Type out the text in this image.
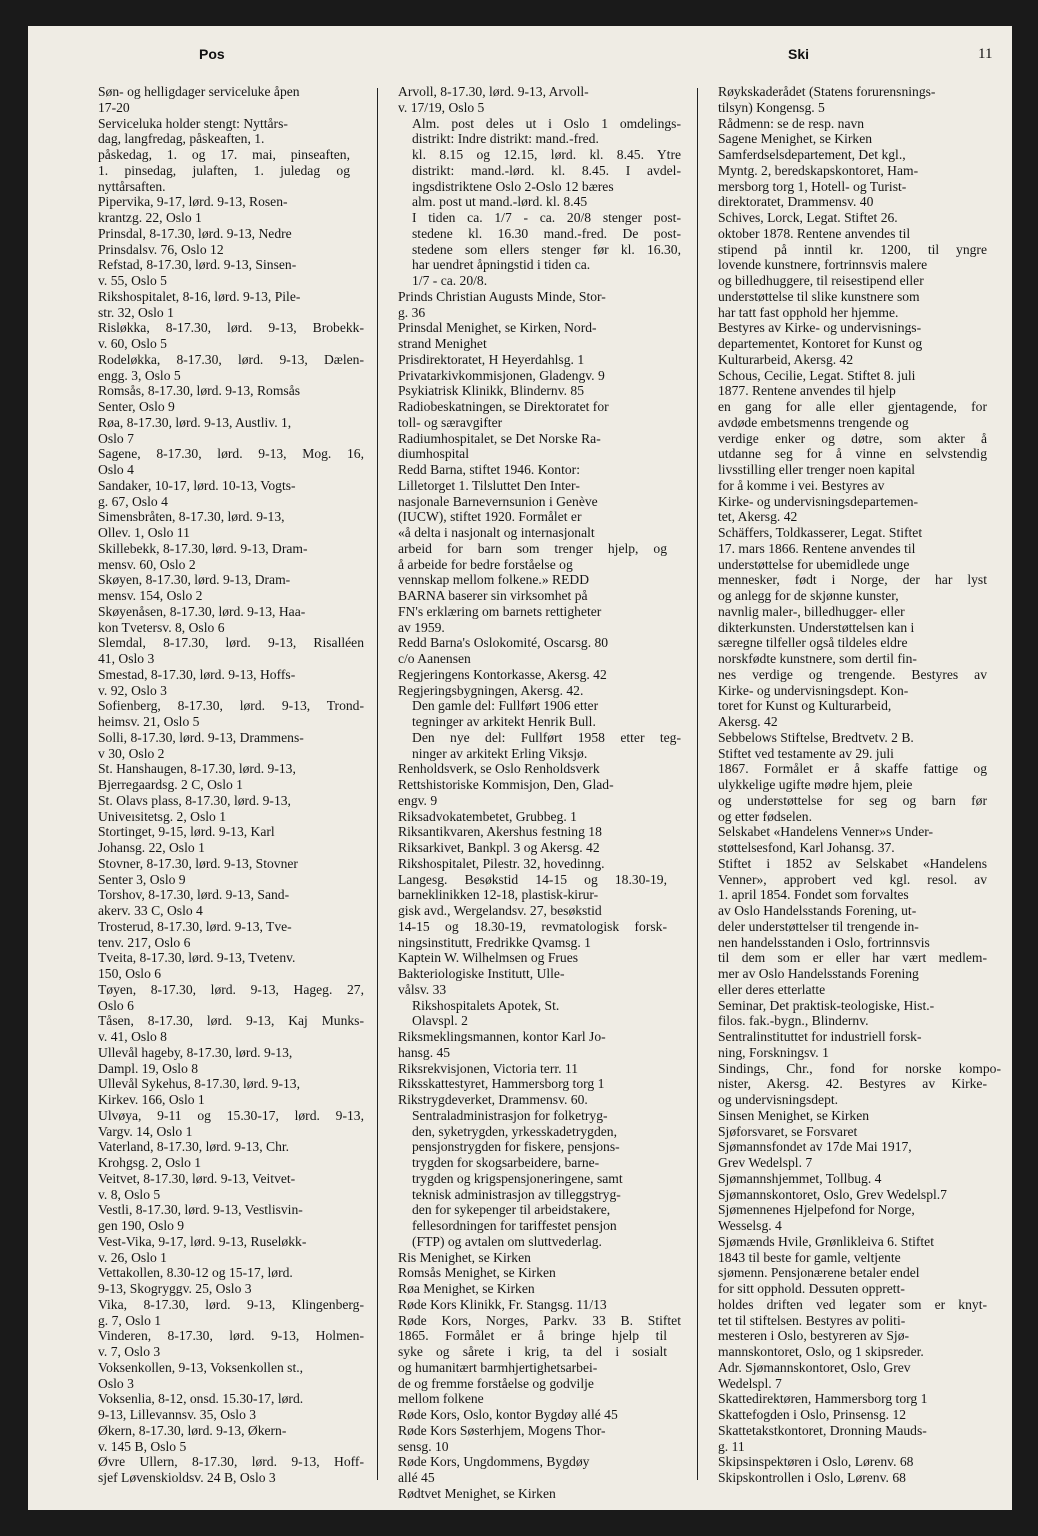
Pos	Ski	11
Søn- og helligdager serviceluke åpen
17-20
Serviceluka holder stengt: Nyttårs-
dag, langfredag, påskeaften, 1.
påskedag, 1. og 17. mai, pinseaften,
1. pinsedag, julaften, 1. juledag og
nyttårsaften.
Pipervika, 9-17, lørd. 9-13, Rosen-
krantzg. 22, Oslo 1
Prinsdal, 8-17.30, lørd. 9-13, Nedre
Prinsdalsv. 76, Oslo 12
Refstad, 8-17.30, lørd. 9-13, Sinsen-
v. 55, Oslo 5
Rikshospitalet, 8-16, lørd. 9-13, Pile-
str. 32, Oslo 1
Risløkka, 8-17.30, lørd. 9-13, Brobekk-
v. 60, Oslo 5
Rodeløkka, 8-17.30, lørd. 9-13, Dælen-
engg. 3, Oslo 5
Romsås, 8-17.30, lørd. 9-13, Romsås
Senter, Oslo 9
Røa, 8-17.30, lørd. 9-13, Austliv. 1,
Oslo 7
Sagene, 8-17.30, lørd. 9-13, Mog. 16,
Oslo 4
Sandaker, 10-17, lørd. 10-13, Vogts-
g. 67, Oslo 4
Simensbråten, 8-17.30, lørd. 9-13,
Ollev. 1, Oslo 11
Skillebekk, 8-17.30, lørd. 9-13, Dram-
mensv. 60, Oslo 2
Skøyen, 8-17.30, lørd. 9-13, Dram-
mensv. 154, Oslo 2
Skøyenåsen, 8-17.30, lørd. 9-13, Haa-
kon Tvetersv. 8, Oslo 6
Slemdal, 8-17.30, lørd. 9-13, Risalléen
41, Oslo 3
Smestad, 8-17.30, lørd. 9-13, Hoffs-
v. 92, Oslo 3
Sofienberg, 8-17.30, lørd. 9-13, Trond-
heimsv. 21, Oslo 5
Solli, 8-17.30, lørd. 9-13, Drammens-
v 30, Oslo 2
St. Hanshaugen, 8-17.30, lørd. 9-13,
Bjerregaardsg. 2 C, Oslo 1
St. Olavs plass, 8-17.30, lørd. 9-13,
Univeısitetsg. 2, Oslo 1
Stortinget, 9-15, lørd. 9-13, Karl
Johansg. 22, Oslo 1
Stovner, 8-17.30, lørd. 9-13, Stovner
Senter 3, Oslo 9
Torshov, 8-17.30, lørd. 9-13, Sand-
akerv. 33 C, Oslo 4
Trosterud, 8-17.30, lørd. 9-13, Tve-
tenv. 217, Oslo 6
Tveita, 8-17.30, lørd. 9-13, Tvetenv.
150, Oslo 6
Tøyen, 8-17.30, lørd. 9-13, Hageg. 27,
Oslo 6
Tåsen, 8-17.30, lørd. 9-13, Kaj Munks-
v. 41, Oslo 8
Ullevål hageby, 8-17.30, lørd. 9-13,
Dampl. 19, Oslo 8
Ullevål Sykehus, 8-17.30, lørd. 9-13,
Kirkev. 166, Oslo 1
Ulvøya, 9-11 og 15.30-17, lørd. 9-13,
Vargv. 14, Oslo 1
Vaterland, 8-17.30, lørd. 9-13, Chr.
Krohgsg. 2, Oslo 1
Veitvet, 8-17.30, lørd. 9-13, Veitvet-
v. 8, Oslo 5
Vestli, 8-17.30, lørd. 9-13, Vestlisvin-
gen 190, Oslo 9
Vest-Vika, 9-17, lørd. 9-13, Ruseløkk-
v. 26, Oslo 1
Vettakollen, 8.30-12 og 15-17, lørd.
9-13, Skogryggv. 25, Oslo 3
Vika, 8-17.30, lørd. 9-13, Klingenberg-
g. 7, Oslo 1
Vinderen, 8-17.30, lørd. 9-13, Holmen-
v. 7, Oslo 3
Voksenkollen, 9-13, Voksenkollen st.,
Oslo 3
Voksenlia, 8-12, onsd. 15.30-17, lørd.
9-13, Lillevannsv. 35, Oslo 3
Økern, 8-17.30, lørd. 9-13, Økern-
v. 145 B, Oslo 5
Øvre Ullern, 8-17.30, lørd. 9-13, Hoff-
sjef Løvenskioldsv. 24 B, Oslo 3
Arvoll, 8-17.30, lørd. 9-13, Arvoll-
v. 17/19, Oslo 5
Alm. post deles ut i Oslo 1 omdelings-
distrikt: Indre distrikt: mand.-fred.
kl. 8.15 og 12.15, lørd. kl. 8.45. Ytre
distrikt: mand.-lørd. kl. 8.45. I avdel-
ingsdistriktene Oslo 2-Oslo 12 bæres
alm. post ut mand.-lørd. kl. 8.45
I tiden ca. 1/7 - ca. 20/8 stenger post-
stedene kl. 16.30 mand.-fred. De post-
stedene som ellers stenger før kl. 16.30,
har uendret åpningstid i tiden ca.
1/7 - ca. 20/8.
Prinds Christian Augusts Minde, Stor-
g. 36
Prinsdal Menighet, se Kirken, Nord-
strand Menighet
Prisdirektoratet, H Heyerdahlsg. 1
Privatarkivkommisjonen, Gladengv. 9
Psykiatrisk Klinikk, Blindernv. 85
Radiobeskatningen, se Direktoratet for
toll- og særavgifter
Radiumhospitalet, se Det Norske Ra-
diumhospital
Redd Barna, stiftet 1946. Kontor:
Lilletorget 1. Tilsluttet Den Inter-
nasjonale Barnevernsunion i Genève
(IUCW), stiftet 1920. Formålet er
«å delta i nasjonalt og internasjonalt
arbeid for barn som trenger hjelp, og
å arbeide for bedre forståelse og
vennskap mellom folkene.» REDD
BARNA baserer sin virksomhet på
FN's erklæring om barnets rettigheter
av 1959.
Redd Barna's Oslokomité, Oscarsg. 80
c/o Aanensen
Regjeringens Kontorkasse, Akersg. 42
Regjeringsbygningen, Akersg. 42.
Den gamle del: Fullført 1906 etter
tegninger av arkitekt Henrik Bull.
Den nye del: Fullført 1958 etter teg-
ninger av arkitekt Erling Viksjø.
Renholdsverk, se Oslo Renholdsverk
Rettshistoriske Kommisjon, Den, Glad-
engv. 9
Riksadvokatembetet, Grubbeg. 1
Riksantikvaren, Akershus festning 18
Riksarkivet, Bankpl. 3 og Akersg. 42
Rikshospitalet, Pilestr. 32, hovedinng.
Langesg. Besøkstid 14-15 og 18.30-19,
barneklinikken 12-18, plastisk-kirur-
gisk avd., Wergelandsv. 27, besøkstid
14-15 og 18.30-19, revmatologisk forsk-
ningsinstitutt, Fredrikke Qvamsg. 1
Kaptein W. Wilhelmsen og Frues
Bakteriologiske Institutt, Ulle-
vålsv. 33
Rikshospitalets Apotek, St.
Olavspl. 2
Riksmeklingsmannen, kontor Karl Jo-
hansg. 45
Riksrekvisjonen, Victoria terr. 11
Riksskattestyret, Hammersborg torg 1
Rikstrygdeverket, Drammensv. 60.
Sentraladministrasjon for folketryg-
den, syketrygden, yrkesskadetrygden,
pensjonstrygden for fiskere, pensjons-
trygden for skogsarbeidere, barne-
trygden og krigspensjoneringene, samt
teknisk administrasjon av tilleggstryg-
den for sykepenger til arbeidstakere,
fellesordningen for tariffestet pensjon
(FTP) og avtalen om sluttvederlag.
Ris Menighet, se Kirken
Romsås Menighet, se Kirken
Røa Menighet, se Kirken
Røde Kors Klinikk, Fr. Stangsg. 11/13
Røde Kors, Norges, Parkv. 33 B. Stiftet
1865. Formålet er å bringe hjelp til
syke og sårete i krig, ta del i sosialt
og humanitært barmhjertighetsarbei-
de og fremme forståelse og godvilje
mellom folkene
Røde Kors, Oslo, kontor Bygdøy allé 45
Røde Kors Søsterhjem, Mogens Thor-
sensg. 10
Røde Kors, Ungdommens, Bygdøy
allé 45
Rødtvet Menighet, se Kirken
Røykskaderådet (Statens forurensnings-
tilsyn) Kongensg. 5
Rådmenn: se de resp. navn
Sagene Menighet, se Kirken
Samferdselsdepartement, Det kgl.,
Myntg. 2, beredskapskontoret, Ham-
mersborg torg 1, Hotell- og Turist-
direktoratet, Drammensv. 40
Schives, Lorck, Legat. Stiftet 26.
oktober 1878. Rentene anvendes til
stipend på inntil kr. 1200, til yngre
lovende kunstnere, fortrinnsvis malere
og billedhuggere, til reisestipend eller
understøttelse til slike kunstnere som
har tatt fast opphold her hjemme.
Bestyres av Kirke- og undervisnings-
departementet, Kontoret for Kunst og
Kulturarbeid, Akersg. 42
Schous, Cecilie, Legat. Stiftet 8. juli
1877. Rentene anvendes til hjelp
en gang for alle eller gjentagende, for
avdøde embetsmenns trengende og
verdige enker og døtre, som akter å
utdanne seg for å vinne en selvstendig
livsstilling eller trenger noen kapital
for å komme i vei. Bestyres av
Kirke- og undervisningsdepartemen-
tet, Akersg. 42
Schäffers, Toldkasserer, Legat. Stiftet
17. mars 1866. Rentene anvendes til
understøttelse for ubemidlede unge
mennesker, født i Norge, der har lyst
og anlegg for de skjønne kunster,
navnlig maler-, billedhugger- eller
dikterkunsten. Understøttelsen kan i
særegne tilfeller også tildeles eldre
norskfødte kunstnere, som dertil fin-
nes verdige og trengende. Bestyres av
Kirke- og undervisningsdept. Kon-
toret for Kunst og Kulturarbeid,
Akersg. 42
Sebbelows Stiftelse, Bredtvetv. 2 B.
Stiftet ved testamente av 29. juli
1867. Formålet er å skaffe fattige og
ulykkelige ugifte mødre hjem, pleie
og understøttelse for seg og barn før
og etter fødselen.
Selskabet «Handelens Venner»s Under-
støttelsesfond, Karl Johansg. 37.
Stiftet i 1852 av Selskabet «Handelens
Venner», approbert ved kgl. resol. av
1. april 1854. Fondet som forvaltes
av Oslo Handelsstands Forening, ut-
deler understøttelser til trengende in-
nen handelsstanden i Oslo, fortrinnsvis
til dem som er eller har vært medlem-
mer av Oslo Handelsstands Forening
eller deres etterlatte
Seminar, Det praktisk-teologiske, Hist.-
filos. fak.-bygn., Blindernv.
Sentralinstituttet for industriell forsk-
ning, Forskningsv. 1
Sindings, Chr., fond for norske kompo-
nister, Akersg. 42. Bestyres av Kirke-
og undervisningsdept.
Sinsen Menighet, se Kirken
Sjøforsvaret, se Forsvaret
Sjømannsfondet av 17de Mai 1917,
Grev Wedelspl. 7
Sjømannshjemmet, Tollbug. 4
Sjømannskontoret, Oslo, Grev Wedelspl.7
Sjømennenes Hjelpefond for Norge,
Wesselsg. 4
Sjømænds Hvile, Grønlikleiva 6. Stiftet
1843 til beste for gamle, veltjente
sjømenn. Pensjonærene betaler endel
for sitt opphold. Dessuten opprett-
holdes driften ved legater som er knyt-
tet til stiftelsen. Bestyres av politi-
mesteren i Oslo, bestyreren av Sjø-
mannskontoret, Oslo, og 1 skipsreder.
Adr. Sjømannskontoret, Oslo, Grev
Wedelspl. 7
Skattedirektøren, Hammersborg torg 1
Skattefogden i Oslo, Prinsensg. 12
Skattetakstkontoret, Dronning Mauds-
g. 11
Skipsinspektøren i Oslo, Lørenv. 68
Skipskontrollen i Oslo, Lørenv. 68
